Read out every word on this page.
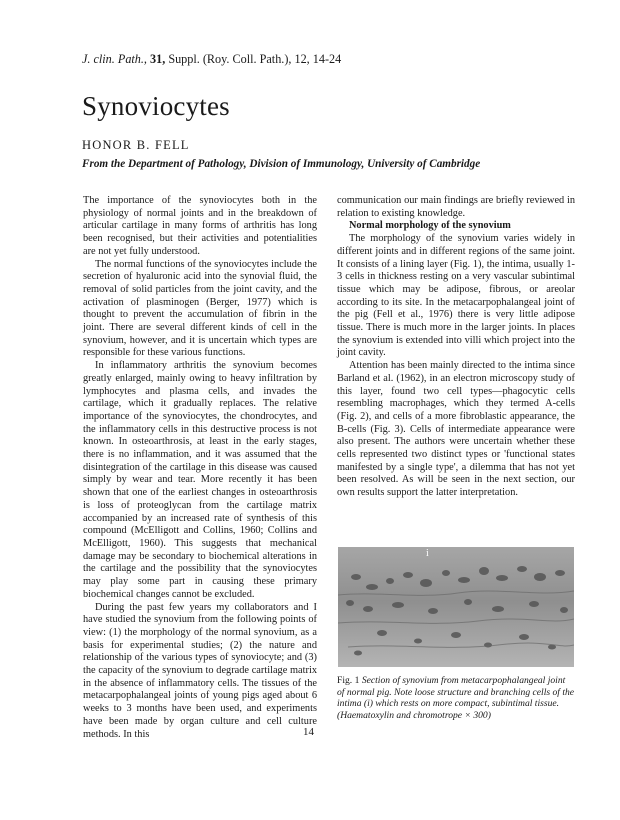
J. clin. Path., 31, Suppl. (Roy. Coll. Path.), 12, 14-24
Synoviocytes
HONOR B. FELL
From the Department of Pathology, Division of Immunology, University of Cambridge

The importance of the synoviocytes both in the physiology of normal joints and in the breakdown of articular cartilage in many forms of arthritis has long been recognised, but their activities and potentialities are not yet fully understood.

The normal functions of the synoviocytes include the secretion of hyaluronic acid into the synovial fluid, the removal of solid particles from the joint cavity, and the activation of plasminogen (Berger, 1977) which is thought to prevent the accumulation of fibrin in the joint. There are several different kinds of cell in the synovium, however, and it is uncertain which types are responsible for these various functions.

In inflammatory arthritis the synovium becomes greatly enlarged, mainly owing to heavy infiltration by lymphocytes and plasma cells, and invades the cartilage, which it gradually replaces. The relative importance of the synoviocytes, the chondrocytes, and the inflammatory cells in this destructive process is not known. In osteoarthrosis, at least in the early stages, there is no inflammation, and it was assumed that the disintegration of the cartilage in this disease was caused simply by wear and tear. More recently it has been shown that one of the earliest changes in osteoarthrosis is loss of proteoglycan from the cartilage matrix accompanied by an increased rate of synthesis of this compound (McElligott and Collins, 1960; Collins and McElligott, 1960). This suggests that mechanical damage may be secondary to biochemical alterations in the cartilage and the possibility that the synoviocytes may play some part in causing these primary biochemical changes cannot be excluded.

During the past few years my collaborators and I have studied the synovium from the following points of view: (1) the morphology of the normal synovium, as a basis for experimental studies; (2) the nature and relationship of the various types of synoviocyte; and (3) the capacity of the synovium to degrade cartilage matrix in the absence of inflammatory cells. The tissues of the metacarpophalangeal joints of young pigs aged about 6 weeks to 3 months have been used, and experiments have been made by organ culture and cell culture methods. In this

communication our main findings are briefly reviewed in relation to existing knowledge.

Normal morphology of the synovium

The morphology of the synovium varies widely in different joints and in different regions of the same joint. It consists of a lining layer (Fig. 1), the intima, usually 1-3 cells in thickness resting on a very vascular subintimal tissue which may be adipose, fibrous, or areolar according to its site. In the metacarpophalangeal joint of the pig (Fell et al., 1976) there is very little adipose tissue. There is much more in the larger joints. In places the synovium is extended into villi which project into the joint cavity.

Attention has been mainly directed to the intima since Barland et al. (1962), in an electron microscopy study of this layer, found two cell types—phagocytic cells resembling macrophages, which they termed A-cells (Fig. 2), and cells of a more fibroblastic appearance, the B-cells (Fig. 3). Cells of intermediate appearance were also present. The authors were uncertain whether these cells represented two distinct types or 'functional states manifested by a single type', a dilemma that has not yet been resolved. As will be seen in the next section, our own results support the latter interpretation.

i
Fig. 1 Section of synovium from metacarpophalangeal joint of normal pig. Note loose structure and branching cells of the intima (i) which rests on more compact, subintimal tissue. (Haematoxylin and chromotrope × 300)
14
